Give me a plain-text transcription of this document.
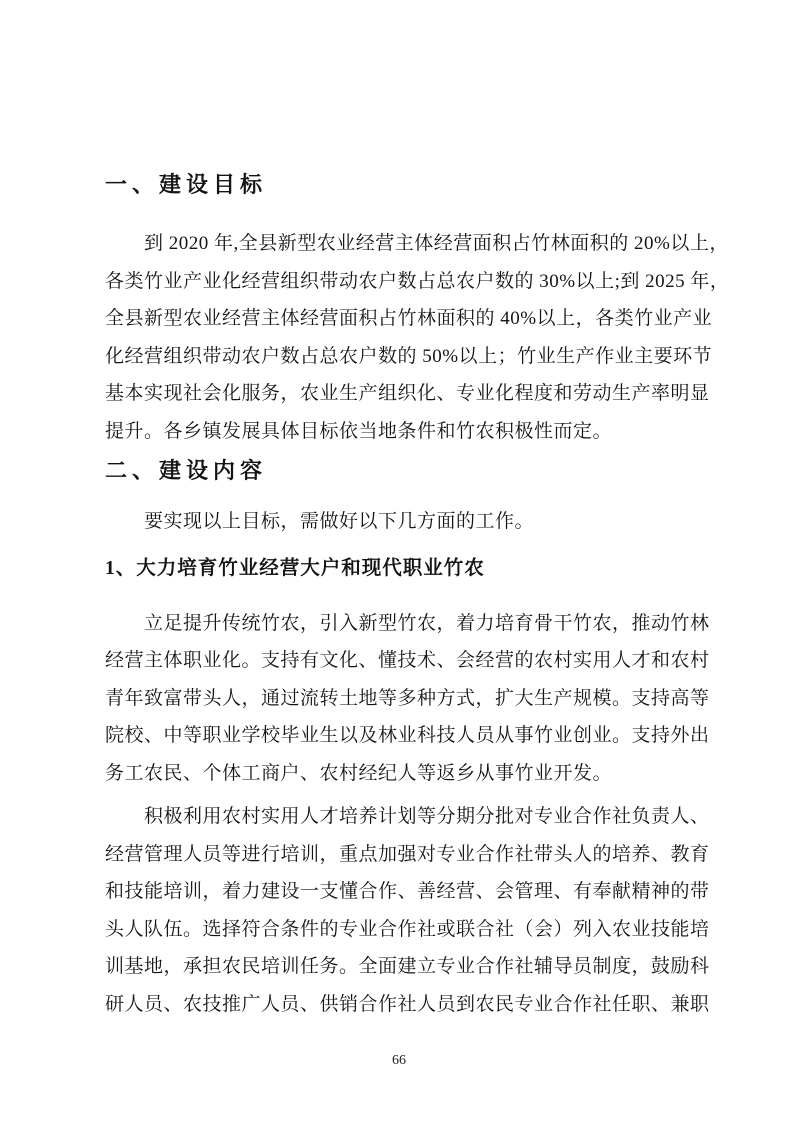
一、建设目标
到 2020 年,全县新型农业经营主体经营面积占竹林面积的 20%以上，
各类竹业产业化经营组织带动农户数占总农户数的 30%以上;到 2025 年，
全县新型农业经营主体经营面积占竹林面积的 40%以上，各类竹业产业
化经营组织带动农户数占总农户数的 50%以上；竹业生产作业主要环节
基本实现社会化服务，农业生产组织化、专业化程度和劳动生产率明显
提升。各乡镇发展具体目标依当地条件和竹农积极性而定。
二、建设内容
要实现以上目标，需做好以下几方面的工作。
1、大力培育竹业经营大户和现代职业竹农
立足提升传统竹农，引入新型竹农，着力培育骨干竹农，推动竹林
经营主体职业化。支持有文化、懂技术、会经营的农村实用人才和农村
青年致富带头人，通过流转土地等多种方式，扩大生产规模。支持高等
院校、中等职业学校毕业生以及林业科技人员从事竹业创业。支持外出
务工农民、个体工商户、农村经纪人等返乡从事竹业开发。
积极利用农村实用人才培养计划等分期分批对专业合作社负责人、
经营管理人员等进行培训，重点加强对专业合作社带头人的培养、教育
和技能培训，着力建设一支懂合作、善经营、会管理、有奉献精神的带
头人队伍。选择符合条件的专业合作社或联合社（会）列入农业技能培
训基地，承担农民培训任务。全面建立专业合作社辅导员制度，鼓励科
研人员、农技推广人员、供销合作社人员到农民专业合作社任职、兼职
66
